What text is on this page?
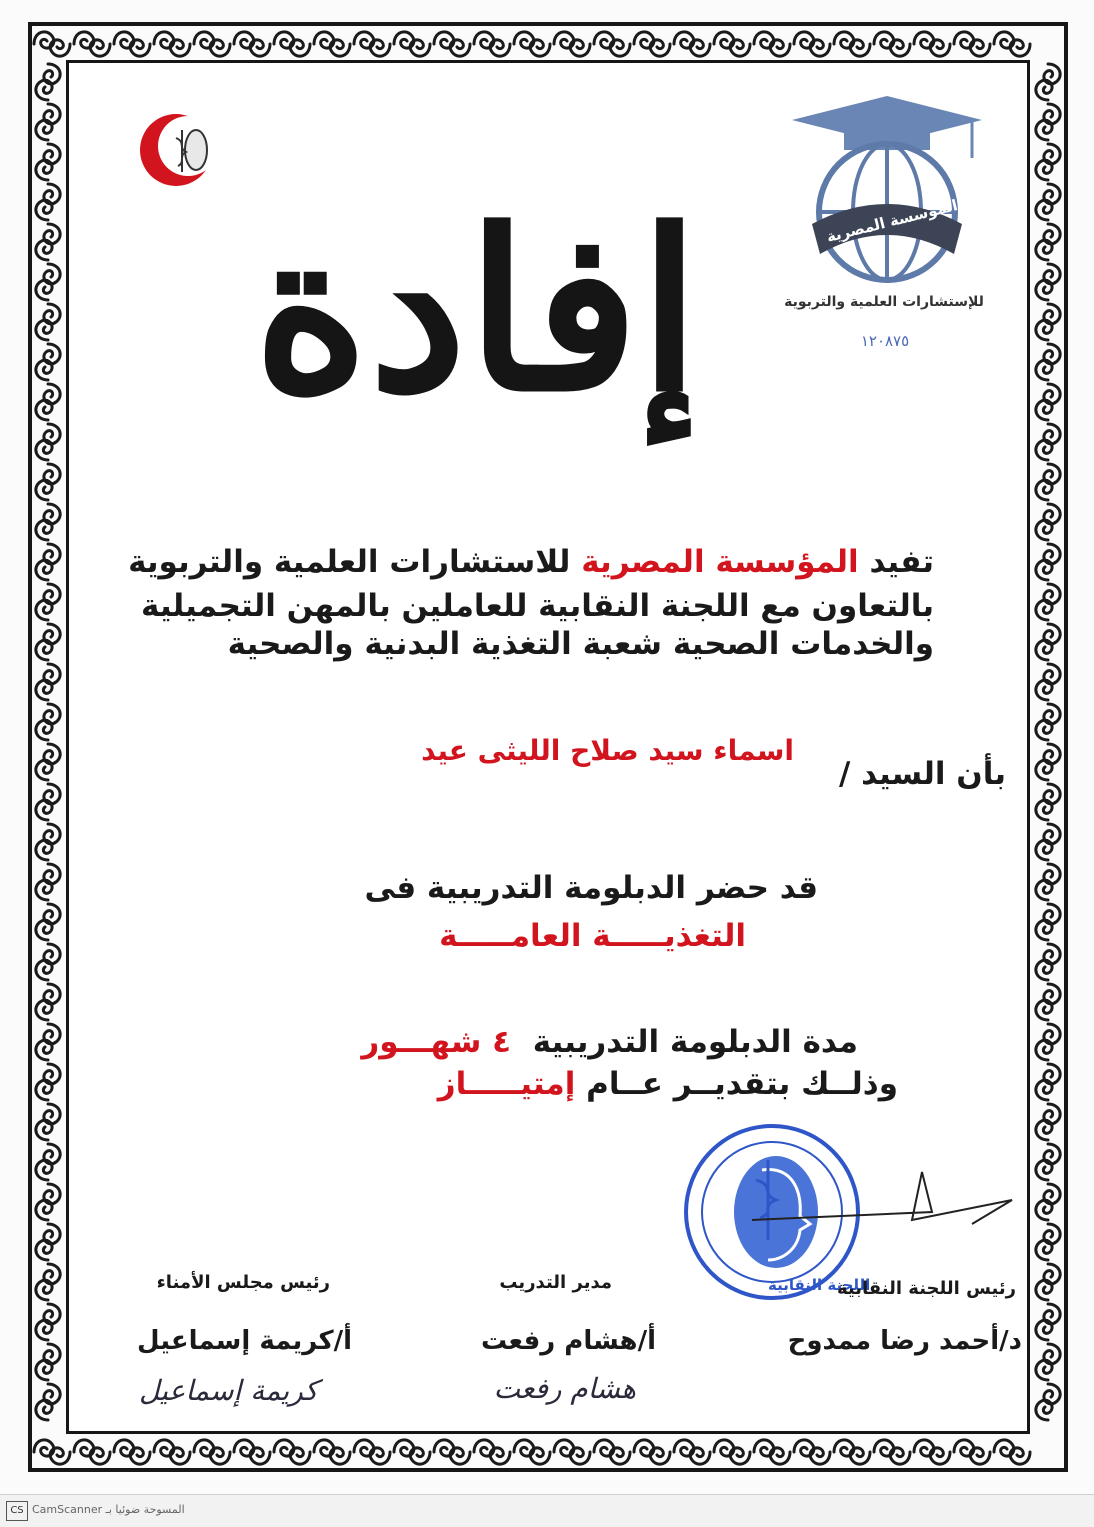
المؤسسة المصرية
للإستشارات العلمية والتربوية
١٢٠٨٧٥
إفادة
تفيد المؤسسة المصرية للاستشارات العلمية والتربوية
بالتعاون مع اللجنة النقابية للعاملين بالمهن التجميلية
والخدمات الصحية شعبة التغذية البدنية والصحية
بأن السيد /
اسماء سيد صلاح الليثى عيد
قد حضر الدبلومة التدريبية فى
التغذيـــــة العامـــــة
مدة الدبلومة التدريبية  ٤ شهـــور
وذلــك بتقديــر عــام إمتيـــــاز
اللجنة النقابية
رئيس اللجنة النقابية
د/أحمد رضا ممدوح
مدير التدريب
أ/هشام رفعت
هشام رفعت
رئيس مجلس الأمناء
أ/كريمة إسماعيل
كريمة إسماعيل
CS CamScanner المسوحة ضوئيا بـ
